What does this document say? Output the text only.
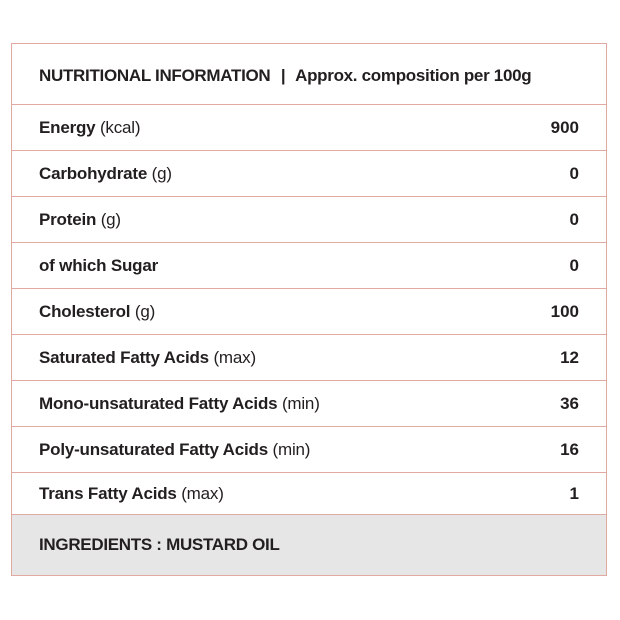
NUTRITIONAL INFORMATION | Approx. composition per 100g
Energy (kcal)	900
Carbohydrate (g)	0
Protein (g)	0
of which Sugar	0
Cholesterol (g)	100
Saturated Fatty Acids (max)	12
Mono-unsaturated Fatty Acids (min)	36
Poly-unsaturated Fatty Acids (min)	16
Trans Fatty Acids (max)	1
INGREDIENTS : MUSTARD OIL
